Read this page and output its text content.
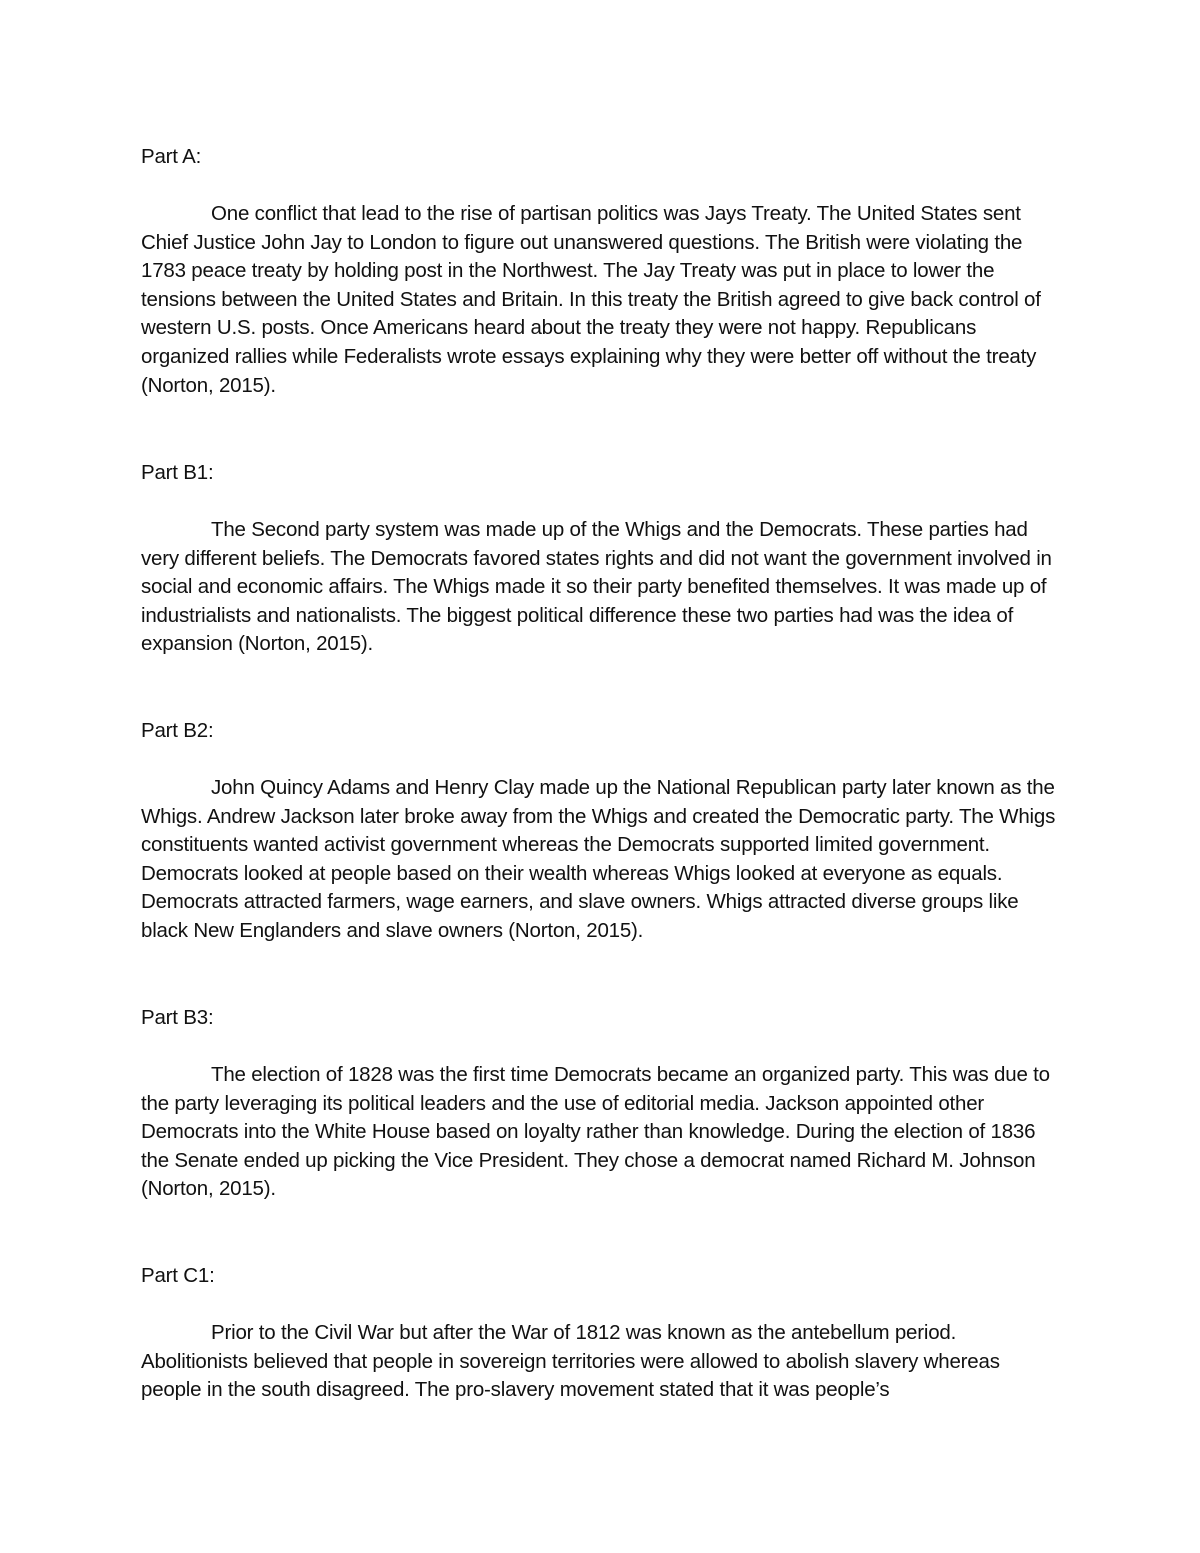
Part A:

One conflict that lead to the rise of partisan politics was Jays Treaty. The United States sent Chief Justice John Jay to London to figure out unanswered questions. The British were violating the 1783 peace treaty by holding post in the Northwest. The Jay Treaty was put in place to lower the tensions between the United States and Britain. In this treaty the British agreed to give back control of western U.S. posts. Once Americans heard about the treaty they were not happy. Republicans organized rallies while Federalists wrote essays explaining why they were better off without the treaty (Norton, 2015).

Part B1:

The Second party system was made up of the Whigs and the Democrats. These parties had very different beliefs. The Democrats favored states rights and did not want the government involved in social and economic affairs. The Whigs made it so their party benefited themselves. It was made up of industrialists and nationalists. The biggest political difference these two parties had was the idea of expansion (Norton, 2015).

Part B2:

John Quincy Adams and Henry Clay made up the National Republican party later known as the Whigs. Andrew Jackson later broke away from the Whigs and created the Democratic party. The Whigs constituents wanted activist government whereas the Democrats supported limited government. Democrats looked at people based on their wealth whereas Whigs looked at everyone as equals. Democrats attracted farmers, wage earners, and slave owners. Whigs attracted diverse groups like black New Englanders and slave owners (Norton, 2015).

Part B3:

The election of 1828 was the first time Democrats became an organized party. This was due to the party leveraging its political leaders and the use of editorial media. Jackson appointed other Democrats into the White House based on loyalty rather than knowledge. During the election of 1836 the Senate ended up picking the Vice President. They chose a democrat named Richard M. Johnson (Norton, 2015).

Part C1:

Prior to the Civil War but after the War of 1812 was known as the antebellum period. Abolitionists believed that people in sovereign territories were allowed to abolish slavery whereas people in the south disagreed. The pro-slavery movement stated that it was people’s
